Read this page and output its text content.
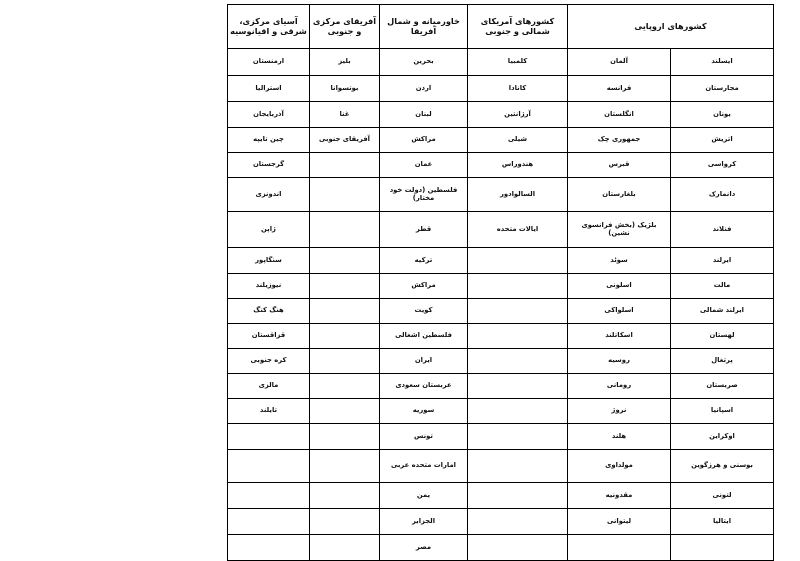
کشورهای اروپایی		کشورهای آمریکای شمالی و جنوبی	خاورمیانه و شمال آفریقا	آفریقای مرکزی و جنوبی	آسیای مرکزی، شرقی و اقیانوسیه
ایسلند	آلمان	کلمبیا	بحرین	بلیز	ارمنستان
مجارستان	فرانسه	کانادا	اردن	بوتسوانا	استرالیا
یونان	انگلستان	آرژانتین	لبنان	غنا	آذربایجان
اتریش	جمهوری چک	شیلی	مراکش	آفریقای جنوبی	چین تایپه
کرواسی	قبرس	هندوراس	عمان		گرجستان
دانمارک	بلغارستان	السالوادور	فلسطین (دولت خود مختار)		اندونزی
فنلاند	بلژیک (بخش فرانسوی نشین)	ایالات متحده	قطر		ژاپن
ایرلند	سوئد		ترکیه		سنگاپور
مالت	اسلونی		مراکش		نیوزیلند
ایرلند شمالی	اسلواکی		کویت		هنگ کنگ
لهستان	اسکاتلند		فلسطین اشغالی		قزاقستان
پرتغال	روسیه		ایران		کره جنوبی
صربستان	رومانی		عربستان سعودی		مالزی
اسپانیا	نروژ		سوریه		تایلند
اوکراین	هلند		تونس		
بوسنی و هرزگوین	مولداوی		امارات متحده عربی		
لتونی	مقدونیه		یمن		
ایتالیا	لیتوانی		الجزایر		
			مصر		
